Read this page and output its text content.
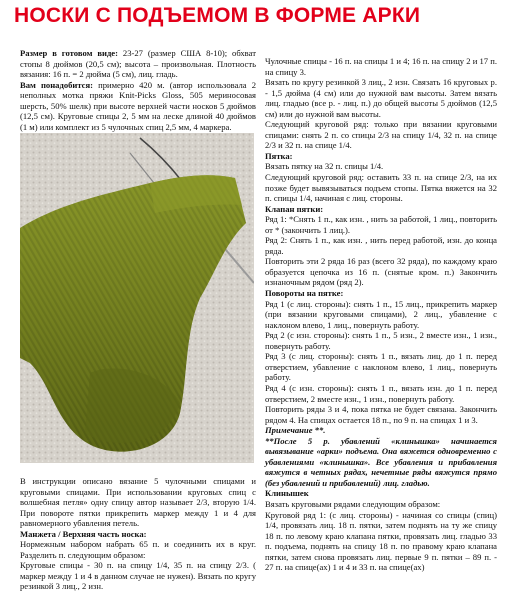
НОСКИ С ПОДЪЕМОМ В ФОРМЕ АРКИ

Размер в готовом виде: 23-27 (размер США 8-10); обхват стопы 8 дюймов (20,5 см); высота – произвольная. Плотность вязания: 16 п. = 2 дюйма (5 см), лиц. гладь.

Вам понадобится: примерно 420 м. (автор использовала 2 неполных мотка пряжи Knit-Picks Gloss, 505 мериносовая шерсть, 50% шелк) при высоте верхней части носков 5 дюймов (12,5 см). Круговые спицы 2, 5 мм на леске длиной 40 дюймов (1 м) или комплект из 5 чулочных спиц 2,5 мм, 4 маркера.

В инструкции описано вязание 5 чулочными спицами и круговыми спицами. При использовании круговых спиц с волшебная петля» одну спицу автор называет 2/3, вторую 1/4. При повороте пятки прикрепить маркер между 1 и 4 для равномерного убавления петель.

Манжета / Верхняя часть носка:

Нормежным набором набрать 65 п. и соединить их в круг. Разделить п. следующим образом:

Круговые спицы - 30 п. на спицу 1/4, 35 п. на спицу 2/3. ( маркер между 1 и 4 в данном случае не нужен). Вязать по кругу резинкой 3 лиц., 2 изн.

Чулочные спицы - 16 п. на спицы 1 и 4; 16 п. на спицу 2 и 17 п. на спицу 3.

Вязать по кругу резинкой 3 лиц., 2 изн. Связать 16 круговых р. - 1,5 дюйма (4 см) или до нужной вам высоты. Затем вязать лиц. гладью (все р. - лиц. п.) до общей высоты 5 дюймов (12,5 см) или до нужной вам высоты.

Следующий круговой ряд: только при вязании круговыми спицами: снять 2 п. со спицы 2/3 на спицу 1/4, 32 п. на спице 2/3 и 32 п. на спице 1/4.

Пятка:

Вязать пятку на 32 п. спицы 1/4.

Следующий круговой ряд: оставить 33 п. на спице 2/3, на их позже будет вывязываться подъем стопы. Пятка вяжется на 32 п. спицы 1/4, начиная с лиц. стороны.

Клапан пятки:

Ряд 1: *Снять 1 п., как изн. , нить за работой, 1 лиц., повторить от * (закончить 1 лиц.).

Ряд 2: Снять 1 п., как изн. , нить перед работой, изн. до конца ряда.

Повторить эти 2 ряда 16 раз (всего 32 ряда), по каждому краю образуется цепочка из 16 п. (снятые кром. п.) Закончить изнаночным рядом (ряд 2).

Повороты на пятке:

Ряд 1 (с лиц. стороны): снять 1 п., 15 лиц., прикрепить маркер (при вязании круговыми спицами), 2 лиц., убавление с наклоном влево, 1 лиц., повернуть работу.

Ряд 2 (с изн. стороны): снять 1 п., 5 изн., 2 вместе изн., 1 изн., повернуть работу.

Ряд 3 (с лиц. стороны): снять 1 п., вязать лиц. до 1 п. перед отверстием, убавление с наклоном влево, 1 лиц., повернуть работу.

Ряд 4 (с изн. стороны): снять 1 п., вязать изн. до 1 п. перед отверстием, 2 вместе изн., 1 изн., повернуть работу.

Повторить ряды 3 и 4, пока пятка не будет связана. Закончить рядом 4. На спицах остается 18 п., по 9 п. на спицах 1 и 3.

Примечание **.

**После 5 р. убавлений «клинышка» начинается вывязывание «арки» подъема. Она вяжется одновременно с убавлениями «клинышка». Все убавления и прибавления вяжутся в четных рядах, нечетные ряды вяжутся прямо (без убавлений и прибавлений) лиц. гладью.

Клинышек

Вязать круговыми рядами следующим образом:

Круговой ряд 1: (с лиц. стороны) - начиная со спицы (спиц) 1/4, провязать лиц. 18 п. пятки, затем поднять на ту же спицу 18 п. по левому краю клапана пятки, провязать лиц. гладью 33 п. подъема, поднять на спицу 18 п. по правому краю клапана пятки, затем снова провязать лиц. первые 9 п. пятки – 89 п. - 27 п. на спице(ах) 1 и 4 и 33 п. на спице(ах)
